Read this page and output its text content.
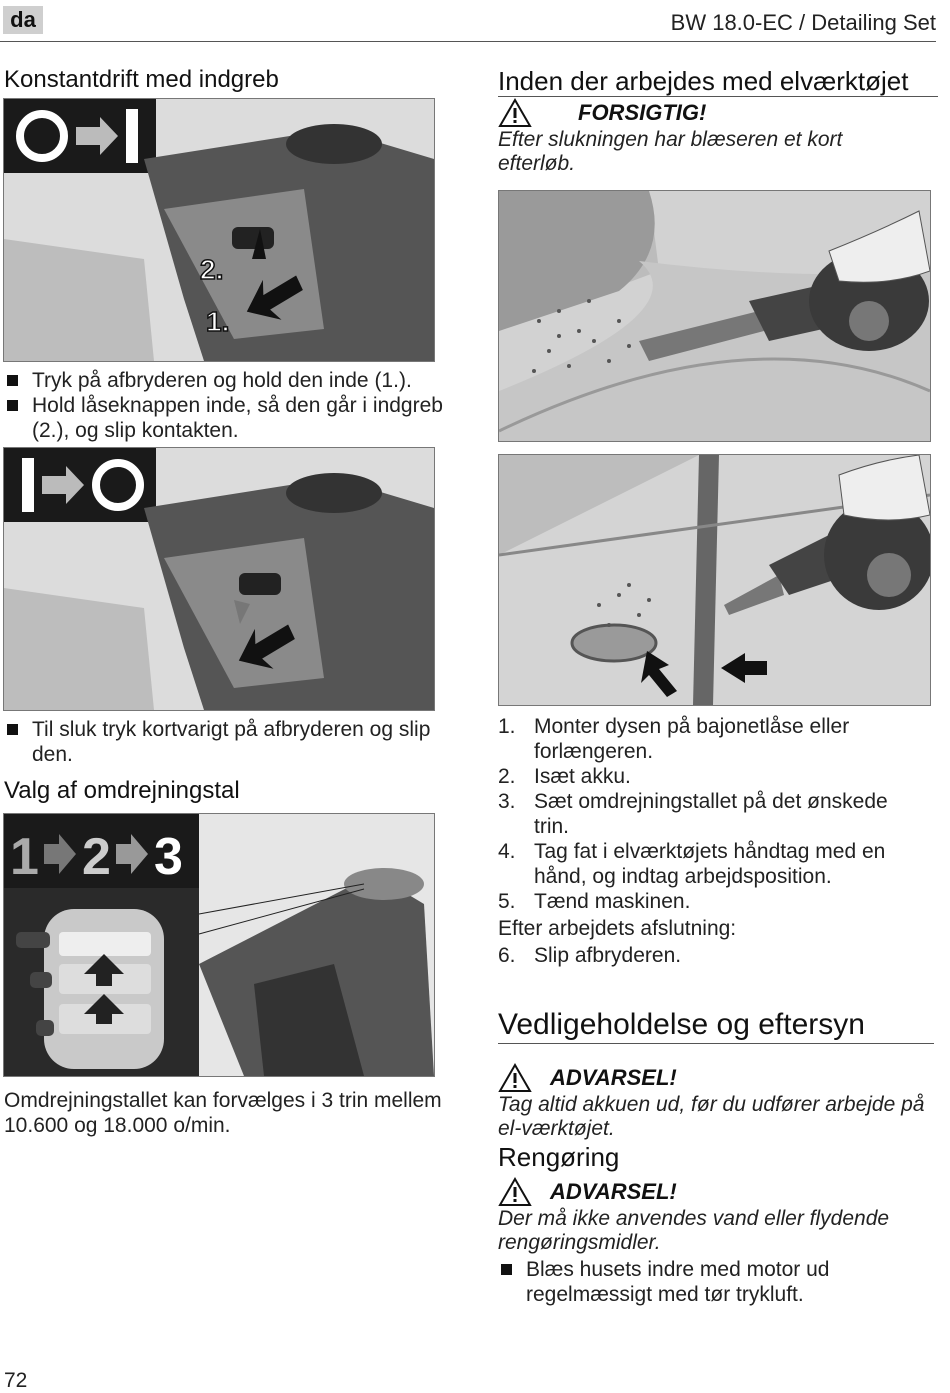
da	BW 18.0-EC / Detailing Set
Konstantdrift med indgreb
2.
1.
Tryk på afbryderen og hold den inde (1.).
Hold låseknappen inde, så den går i indgreb (2.), og slip kontakten.
Til sluk tryk kortvarigt på afbryderen og slip den.
Valg af omdrejningstal
1 2 3
Omdrejningstallet kan forvælges i 3 trin mellem 10.600 og 18.000 o/min.
Inden der arbejdes med elværktøjet
FORSIGTIG!
Efter slukningen har blæseren et kort efterløb.
1. Monter dysen på bajonetlåse eller forlængeren.
2. Isæt akku.
3. Sæt omdrejningstallet på det ønskede trin.
4. Tag fat i elværktøjets håndtag med en hånd, og indtag arbejdsposition.
5. Tænd maskinen.
Efter arbejdets afslutning:
6. Slip afbryderen.
Vedligeholdelse og eftersyn
ADVARSEL!
Tag altid akkuen ud, før du udfører arbejde på el-værktøjet.
Rengøring
ADVARSEL!
Der må ikke anvendes vand eller flydende rengøringsmidler.
Blæs husets indre med motor ud regelmæssigt med tør trykluft.
72
